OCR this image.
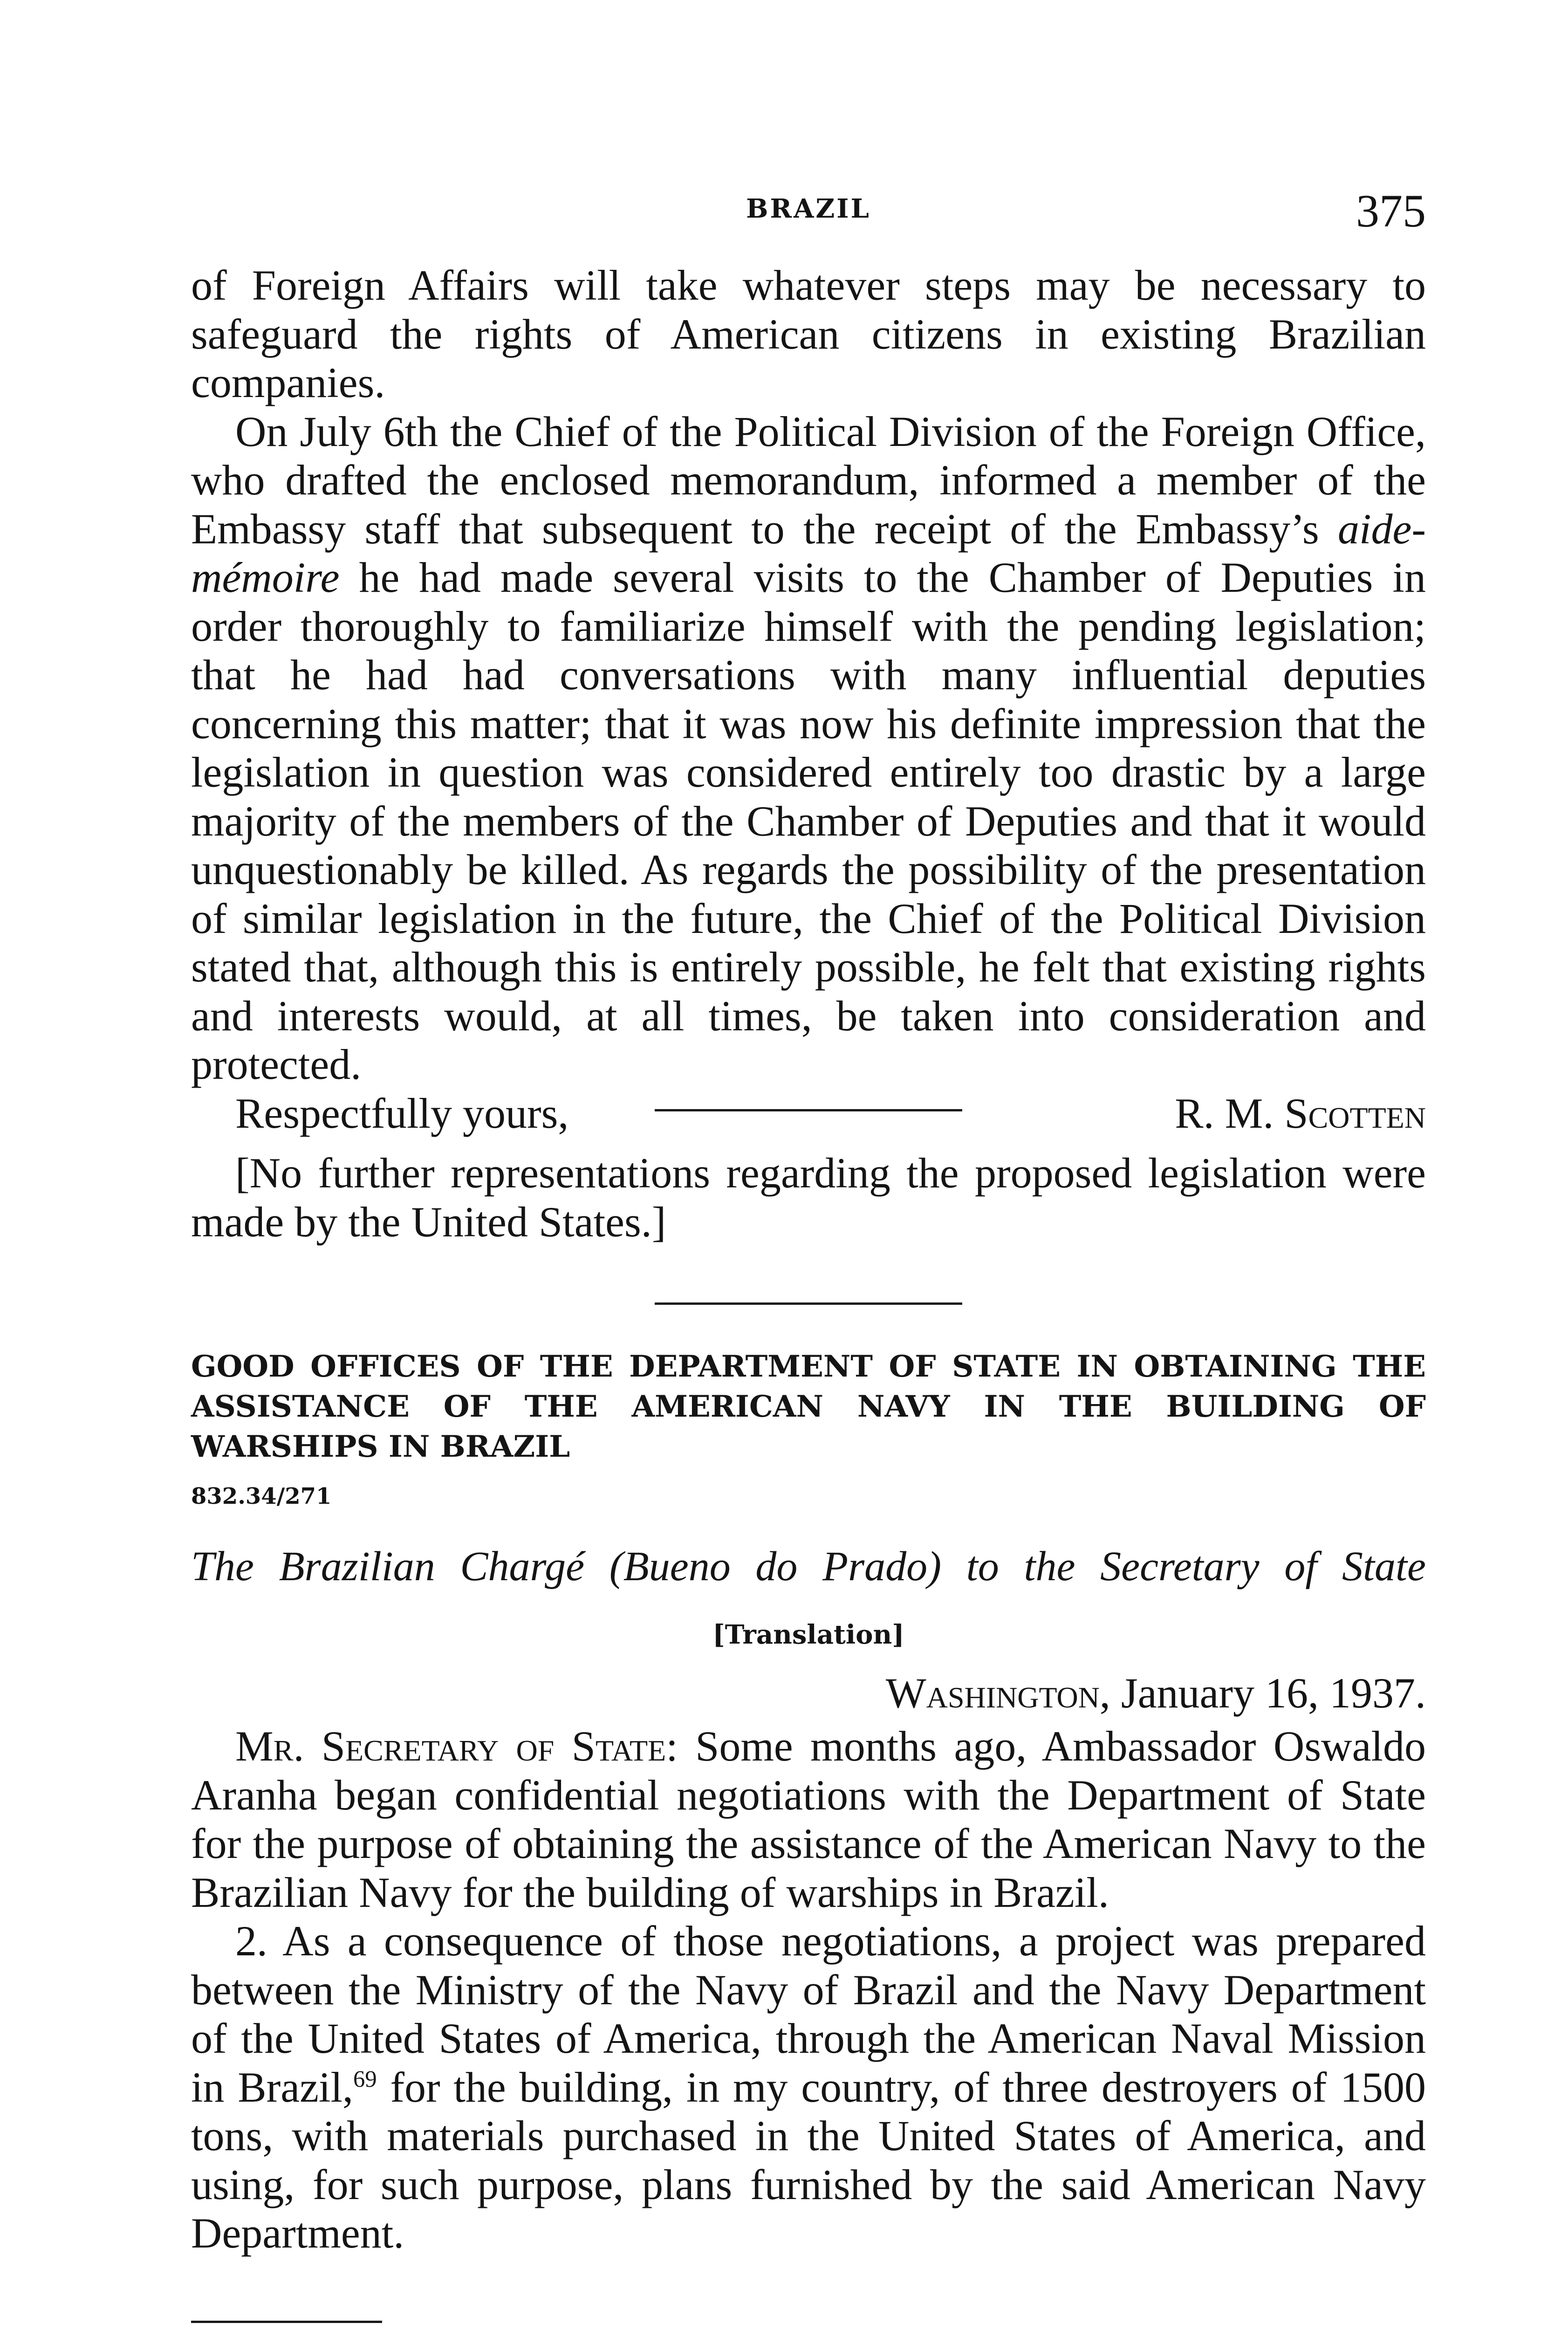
BRAZIL	375

of Foreign Affairs will take whatever steps may be necessary to safeguard the rights of American citizens in existing Brazilian companies.

On July 6th the Chief of the Political Division of the Foreign Office, who drafted the enclosed memorandum, informed a member of the Embassy staff that subsequent to the receipt of the Embassy’s aide-mémoire he had made several visits to the Chamber of Deputies in order thoroughly to familiarize himself with the pending legislation; that he had had conversations with many influential deputies concerning this matter; that it was now his definite impression that the legislation in question was considered entirely too drastic by a large majority of the members of the Chamber of Deputies and that it would unquestionably be killed. As regards the possibility of the presentation of similar legislation in the future, the Chief of the Political Division stated that, although this is entirely possible, he felt that existing rights and interests would, at all times, be taken into consideration and protected.

Respectfully yours,	R. M. Scotten

[No further representations regarding the proposed legislation were made by the United States.]

GOOD OFFICES OF THE DEPARTMENT OF STATE IN OBTAINING THE
ASSISTANCE OF THE AMERICAN NAVY IN THE BUILDING OF
WARSHIPS IN BRAZIL
832.34/271
The Brazilian Chargé (Bueno do Prado) to the Secretary of State
[Translation]
Washington, January 16, 1937.

Mr. Secretary of State: Some months ago, Ambassador Oswaldo Aranha began confidential negotiations with the Department of State for the purpose of obtaining the assistance of the American Navy to the Brazilian Navy for the building of warships in Brazil.

2. As a consequence of those negotiations, a project was prepared between the Ministry of the Navy of Brazil and the Navy Department of the United States of America, through the American Naval Mission in Brazil,$^{69}$ for the building, in my country, of three destroyers of 1500 tons, with materials purchased in the United States of America, and using, for such purpose, plans furnished by the said American Navy Department.
